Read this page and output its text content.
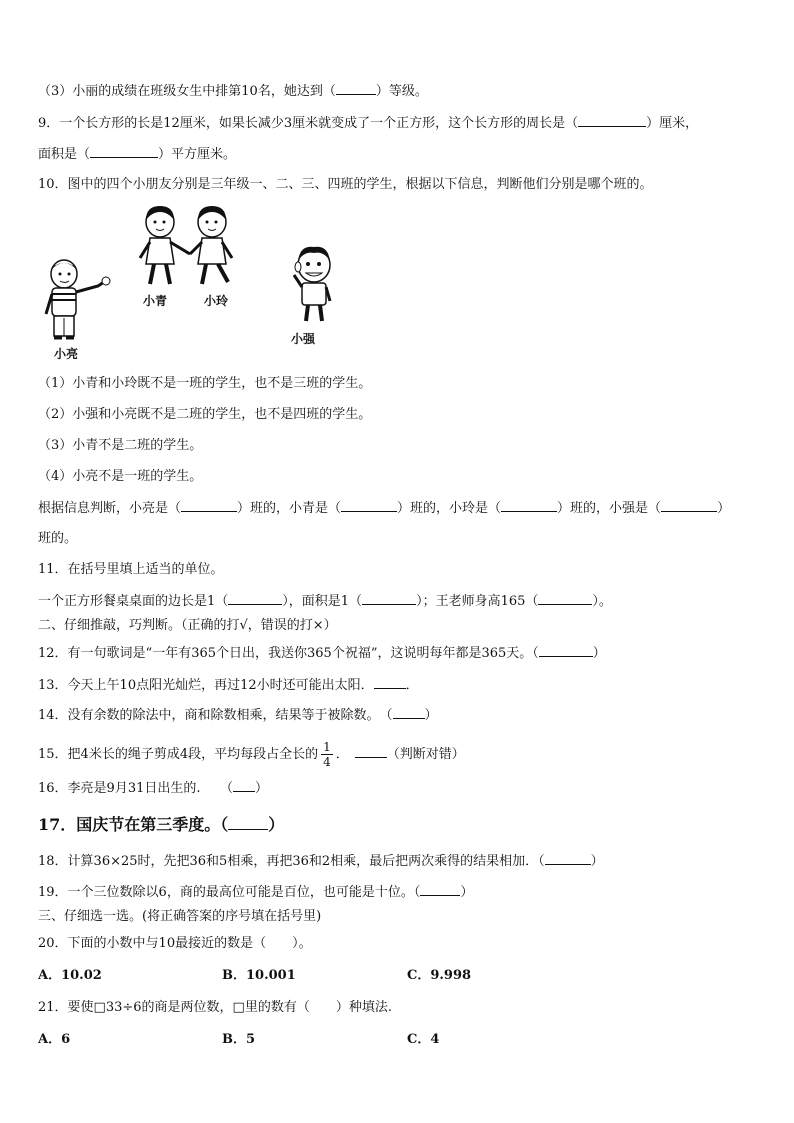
（3）小丽的成绩在班级女生中排第10名，她达到（	）等级。
9．一个长方形的长是12厘米，如果长减少3厘米就变成了一个正方形，这个长方形的周长是（	）厘米，
面积是（	）平方厘米。
10．图中的四个小朋友分别是三年级一、二、三、四班的学生，根据以下信息，判断他们分别是哪个班的。
小亮
小青	小玲
小强
（1）小青和小玲既不是一班的学生，也不是三班的学生。
（2）小强和小亮既不是二班的学生，也不是四班的学生。
（3）小青不是二班的学生。
（4）小亮不是一班的学生。
根据信息判断，小亮是（	）班的，小青是（	）班的，小玲是（	）班的，小强是（	）
班的。
11．在括号里填上适当的单位。
一个正方形餐桌桌面的边长是1（	），面积是1（	）；王老师身高165（	）。
二、仔细推敲，巧判断。（正确的打√，错误的打×）
12．有一句歌词是“一年有365个日出，我送你365个祝福”，这说明每年都是365天。（	）
13．今天上午10点阳光灿烂，再过12小时还可能出太阳． ．
14．没有余数的除法中，商和除数相乘，结果等于被除数。　（ ）
15．把4米长的绳子剪成4段，平均每段占全长的 $\frac{1}{4}$ ．	（判断对错）
16．李亮是9月31日出生的.　　（ ）
17．国庆节在第三季度。（	）
18．计算36×25时，先把36和5相乘，再把36和2相乘，最后把两次乘得的结果相加．（	）
19．一个三位数除以6，商的最高位可能是百位，也可能是十位。（	）
三、仔细选一选。(将正确答案的序号填在括号里)
20．下面的小数中与10最接近的数是（　　）。
A．10.02	B．10.001	C．9.998
21．要使□33÷6的商是两位数，□里的数有（　　）种填法.
A．6	B．5	C．4
